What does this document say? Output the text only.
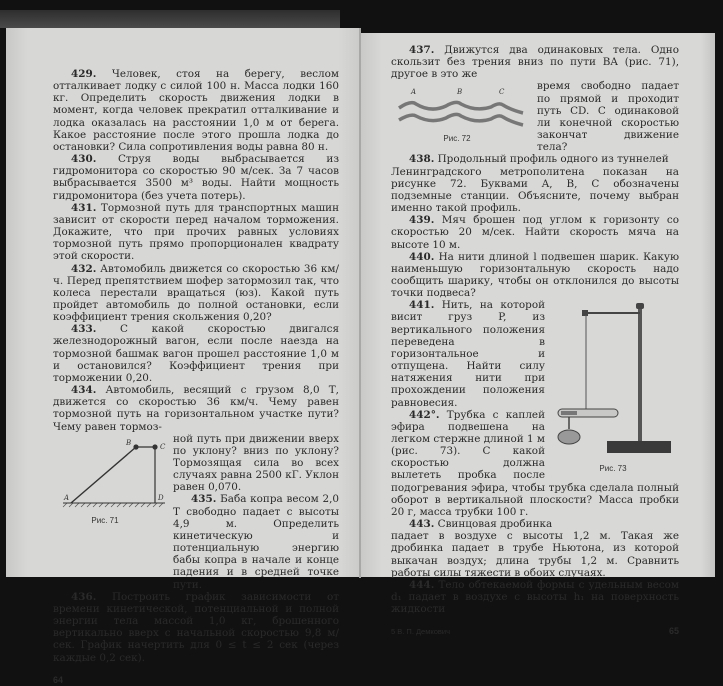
429. Человек, стоя на берегу, веслом отталкивает лодку с силой 100 н. Масса лодки 160 кг. Определить скорость движения лодки в момент, когда человек прекратил отталкивание и лодка оказалась на расстоянии 1,0 м от берега. Какое расстояние после этого прошла лодка до остановки? Сила сопротивления воды равна 80 н.

430. Струя воды выбрасывается из гидромонитора со скоростью 90 м/сек. За 7 часов выбрасывается 3500 м³ воды. Найти мощность гидромонитора (без учета потерь).

431. Тормозной путь для транспортных машин зависит от скорости перед началом торможения. Докажите, что при прочих равных условиях тормозной путь прямо пропорционален квадрату этой скорости.

432. Автомобиль движется со скоростью 36 км/ч. Перед препятствием шофер затормозил так, что колеса перестали вращаться (юз). Какой путь пройдет автомобиль до полной остановки, если коэффициент трения скольжения 0,20?

433. С какой скоростью двигался железнодорожный вагон, если после наезда на тормозной башмак вагон прошел расстояние 1,0 м и остановился? Коэффициент трения при торможении 0,20.

434. Автомобиль, весящий с грузом 8,0 Т, движется со скоростью 36 км/ч. Чему равен тормозной путь на горизонтальном участке пути? Чему равен тормоз-

A
B	C
D
Рис. 71

ной путь при движении вверх по уклону? вниз по уклону? Тормозящая сила во всех случаях равна 2500 кГ. Уклон равен 0,070.

435. Баба копра весом 2,0 Т свободно падает с высоты 4,9 м. Определить кинетическую и потенциальную энергию бабы копра в начале и конце падения и в средней точке пути.

436. Построить график зависимости от времени кинетической, потенциальной и полной энергии тела массой 1,0 кг, брошенного вертикально вверх с начальной скоростью 9,8 м/сек. График начертить для 0 ≤ t ≤ 2 сек (через каждые 0,2 сек).

64

437. Движутся два одинаковых тела. Одно скользит без трения вниз по пути BA (рис. 71), другое в это же

A	B	C
Рис. 72

время свободно падает по прямой и проходит путь CD. С одинаковой ли конечной скоростью закончат движение тела?

438. Продольный профиль одного из туннелей

Ленинградского метрополитена показан на рисунке 72. Буквами A, B, C обозначены подземные станции. Объясните, почему выбран именно такой профиль.

439. Мяч брошен под углом к горизонту со скоростью 20 м/сек. Найти скорость мяча на высоте 10 м.

440. На нити длиной l подвешен шарик. Какую наименьшую горизонтальную скорость надо сообщить шарику, чтобы он отклонился до высоты точки подвеса?

Рис. 73

441. Нить, на которой висит груз P, из вертикального положения переведена в горизонтальное и отпущена. Найти силу натяжения нити при прохождении положения равновесия.

442°. Трубка с каплей эфира подвешена на легком стержне длиной 1 м (рис. 73). С какой скоростью должна вылететь пробка после подогревания эфира, чтобы трубка сделала полный оборот в вертикальной плоскости? Масса пробки 20 г, масса трубки 100 г.

443. Свинцовая дробинка

падает в воздухе с высоты 1,2 м. Такая же дробинка падает в трубе Ньютона, из которой выкачан воздух; длина трубы 1,2 м. Сравнить работы силы тяжести в обоих случаях.

444. Тело обтекаемой формы с удельным весом d₁ падает в воздухе с высоты h₁ на поверхность жидкости

5 В. П. Демкович	65
